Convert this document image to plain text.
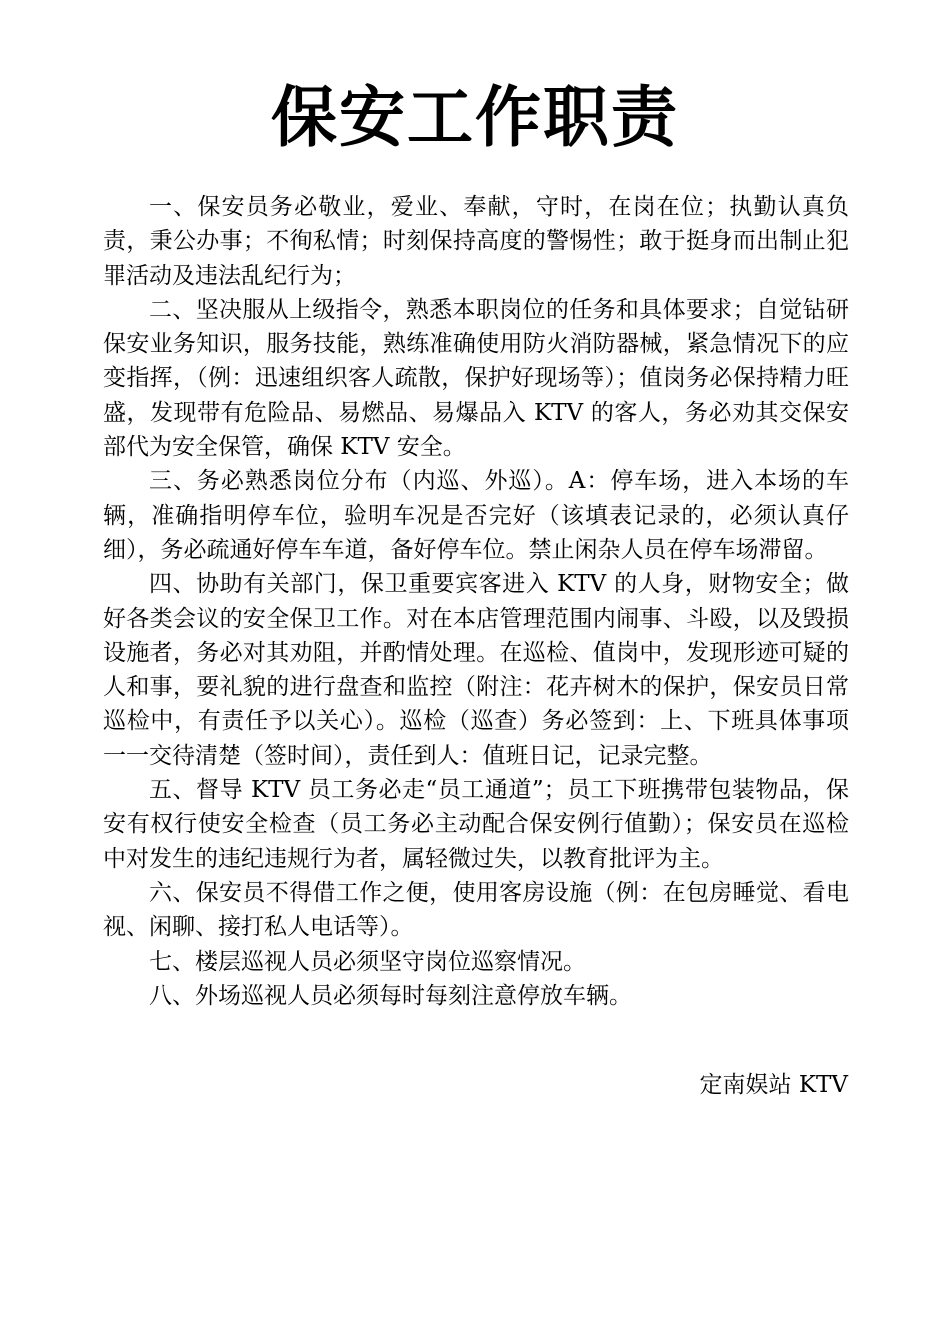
保安工作职责

一、保安员务必敬业，爱业、奉献，守时，在岗在位；执勤认真负责，秉公办事；不徇私情；时刻保持高度的警惕性；敢于挺身而出制止犯罪活动及违法乱纪行为；

二、坚决服从上级指令，熟悉本职岗位的任务和具体要求；自觉钻研保安业务知识，服务技能，熟练准确使用防火消防器械，紧急情况下的应变指挥，（例：迅速组织客人疏散，保护好现场等）；值岗务必保持精力旺盛，发现带有危险品、易燃品、易爆品入 KTV 的客人，务必劝其交保安部代为安全保管，确保 KTV 安全。

三、务必熟悉岗位分布（内巡、外巡）。A：停车场，进入本场的车辆，准确指明停车位，验明车况是否完好（该填表记录的，必须认真仔细），务必疏通好停车车道，备好停车位。禁止闲杂人员在停车场滞留。

四、协助有关部门，保卫重要宾客进入 KTV 的人身，财物安全；做好各类会议的安全保卫工作。对在本店管理范围内闹事、斗殴，以及毁损设施者，务必对其劝阻，并酌情处理。在巡检、值岗中，发现形迹可疑的人和事，要礼貌的进行盘查和监控（附注：花卉树木的保护，保安员日常巡检中，有责任予以关心）。巡检（巡查）务必签到：上、下班具体事项一一交待清楚（签时间），责任到人：值班日记，记录完整。

五、督导 KTV 员工务必走“员工通道”；员工下班携带包装物品，保安有权行使安全检查（员工务必主动配合保安例行值勤）；保安员在巡检中对发生的违纪违规行为者，属轻微过失，以教育批评为主。

六、保安员不得借工作之便，使用客房设施（例：在包房睡觉、看电视、闲聊、接打私人电话等）。

七、楼层巡视人员必须坚守岗位巡察情况。

八、外场巡视人员必须每时每刻注意停放车辆。

定南娱站 KTV
